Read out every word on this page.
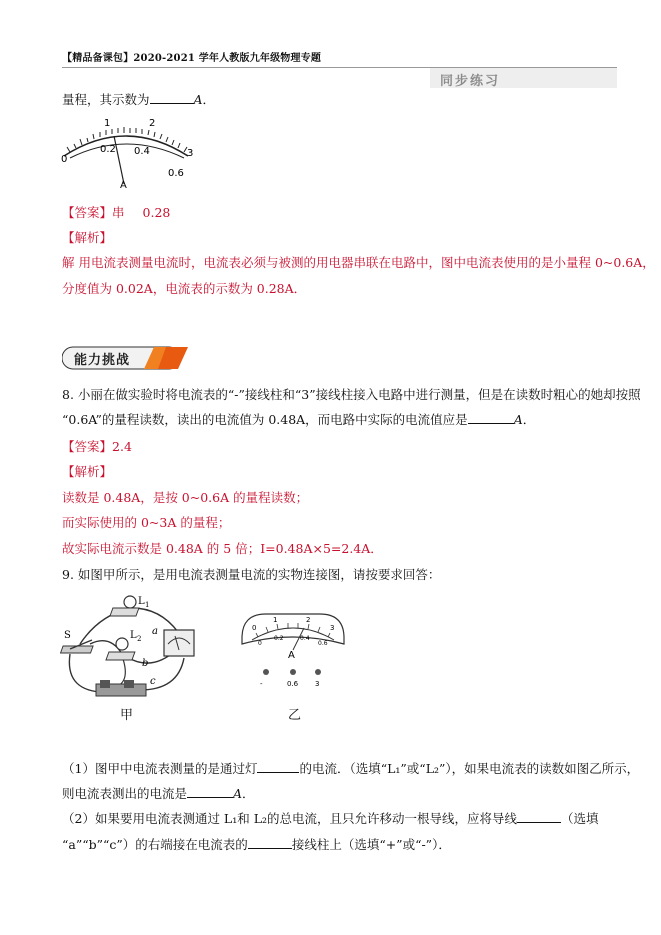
【精品备课包】2020-2021 学年人教版九年级物理专题
同步练习
量程，其示数为	A．
1	2
3
0
0.2 0.4
0.6
A
【答案】串 0.28
【解析】
解 用电流表测量电流时，电流表必须与被测的用电器串联在电路中，图中电流表使用的是小量程 0~0.6A，
分度值为 0.02A，电流表的示数为 0.28A．
能力挑战
8. 小丽在做实验时将电流表的“-”接线柱和“3”接线柱接入电路中进行测量，但是在读数时粗心的她却按照
“0.6A”的量程读数，读出的电流值为 0.48A，而电路中实际的电流值应是	A．
【答案】2.4
【解析】
读数是 0.48A，是按 0~0.6A 的量程读数；
而实际使用的 0~3A 的量程；
故实际电流示数是 0.48A 的 5 倍；I=0.48A×5=2.4A．
9. 如图甲所示，是用电流表测量电流的实物连接图，请按要求回答：
L 1
L 2
S	a
b
c
甲
0
1	2
3
0
0.2	0.4
0.6
A
-	0.6 3
乙
（1）图甲中电流表测量的是通过灯	的电流．（选填“L₁”或“L₂”），如果电流表的读数如图乙所示，
则电流表测出的电流是	A．
（2）如果要用电流表测通过 L₁和 L₂的总电流，且只允许移动一根导线，应将导线	（选填
“a”“b”“c”）的右端接在电流表的	接线柱上（选填“+”或“-”）．
